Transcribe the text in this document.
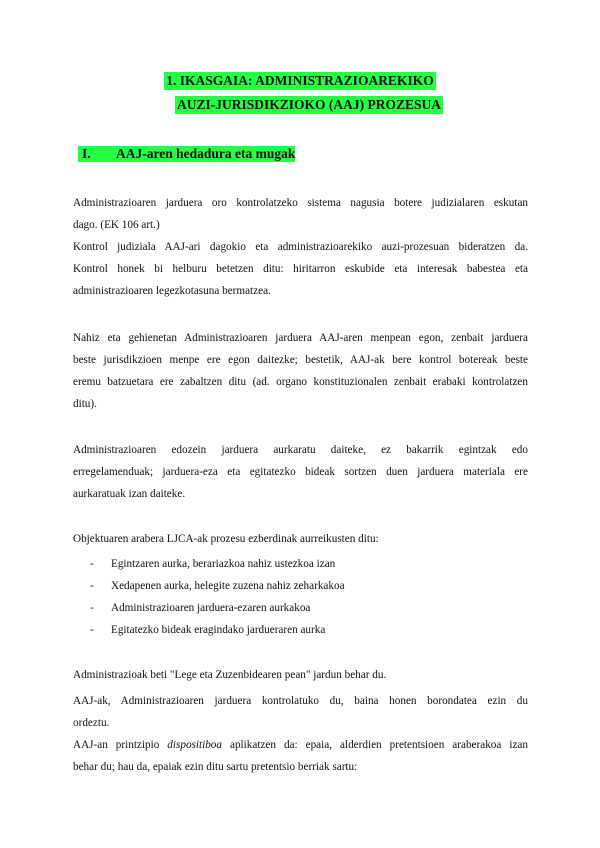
1. IKASGAIA: ADMINISTRAZIOAREKIKO
AUZI-JURISDIKZIOKO (AAJ) PROZESUA
I.	AAJ-aren hedadura eta mugak

Administrazioaren jarduera oro kontrolatzeko sistema nagusia botere judizialaren eskutan
dago. (EK 106 art.)

Kontrol judiziala AAJ-ari dagokio eta administrazioarekiko auzi-prozesuan bideratzen da.
Kontrol honek bi helburu betetzen ditu: hiritarron eskubide eta interesak babestea eta
administrazioaren legezkotasuna bermatzea.

Nahiz eta gehienetan Administrazioaren jarduera AAJ-aren menpean egon, zenbait jarduera
beste jurisdikzioen menpe ere egon daitezke; bestetik, AAJ-ak bere kontrol botereak beste
eremu batzuetara ere zabaltzen ditu (ad. organo konstituzionalen zenbait erabaki kontrolatzen
ditu).

Administrazioaren edozein jarduera aurkaratu daiteke, ez bakarrik egintzak edo
erregelamenduak; jarduera-eza eta egitatezko bideak sortzen duen jarduera materiala ere
aurkaratuak izan daiteke.

Objektuaren arabera LJCA-ak prozesu ezberdinak aurreikusten ditu:

-	Egintzaren aurka, berariazkoa nahiz ustezkoa izan
-	Xedapenen aurka, helegite zuzena nahiz zeharkakoa
-	Administrazioaren jarduera-ezaren aurkakoa
-	Egitatezko bideak eragindako jardueraren aurka

Administrazioak beti "Lege eta Zuzenbidearen pean" jardun behar du.

AAJ-ak, Administrazioaren jarduera kontrolatuko du, baina honen borondatea ezin du
ordeztu.

AAJ-an printzipio dispositiboa aplikatzen da: epaia, alderdien pretentsioen araberakoa izan
behar du; hau da, epaiak ezin ditu sartu pretentsio berriak sartu:
